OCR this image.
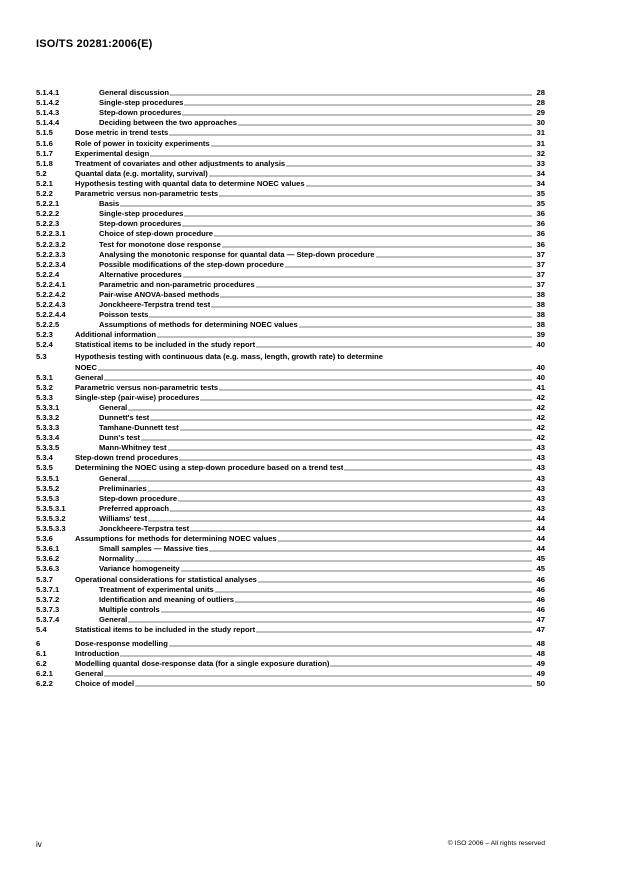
ISO/TS 20281:2006(E)
5.1.4.1	General discussion	28
5.1.4.2	Single-step procedures	28
5.1.4.3	Step-down procedures	29
5.1.4.4	Deciding between the two approaches	30
5.1.5	Dose metric in trend tests	31
5.1.6	Role of power in toxicity experiments	31
5.1.7	Experimental design	32
5.1.8	Treatment of covariates and other adjustments to analysis	33
5.2	Quantal data (e.g. mortality, survival)	34
5.2.1	Hypothesis testing with quantal data to determine NOEC values	34
5.2.2	Parametric versus non-parametric tests	35
5.2.2.1	Basis	35
5.2.2.2	Single-step procedures	36
5.2.2.3	Step-down procedures	36
5.2.2.3.1	Choice of step-down procedure	36
5.2.2.3.2	Test for monotone dose response	36
5.2.2.3.3	Analysing the monotonic response for quantal data — Step-down procedure	37
5.2.2.3.4	Possible modifications of the step-down procedure	37
5.2.2.4	Alternative procedures	37
5.2.2.4.1	Parametric and non-parametric procedures	37
5.2.2.4.2	Pair-wise ANOVA-based methods	38
5.2.2.4.3	Jonckheere-Terpstra trend test	38
5.2.2.4.4	Poisson tests	38
5.2.2.5	Assumptions of methods for determining NOEC values	38
5.2.3	Additional information	39
5.2.4	Statistical items to be included in the study report	40
5.3	Hypothesis testing with continuous data (e.g. mass, length, growth rate) to determine
NOEC	40
5.3.1	General	40
5.3.2	Parametric versus non-parametric tests	41
5.3.3	Single-step (pair-wise) procedures	42
5.3.3.1	General	42
5.3.3.2	Dunnett's test	42
5.3.3.3	Tamhane-Dunnett test	42
5.3.3.4	Dunn's test	42
5.3.3.5	Mann-Whitney test	43
5.3.4	Step-down trend procedures	43
5.3.5	Determining the NOEC using a step-down procedure based on a trend test	43
5.3.5.1	General	43
5.3.5.2	Preliminaries	43
5.3.5.3	Step-down procedure	43
5.3.5.3.1	Preferred approach	43
5.3.5.3.2	Williams' test	44
5.3.5.3.3	Jonckheere-Terpstra test	44
5.3.6	Assumptions for methods for determining NOEC values	44
5.3.6.1	Small samples — Massive ties	44
5.3.6.2	Normality	45
5.3.6.3	Variance homogeneity	45
5.3.7	Operational considerations for statistical analyses	46
5.3.7.1	Treatment of experimental units	46
5.3.7.2	Identification and meaning of outliers	46
5.3.7.3	Multiple controls	46
5.3.7.4	General	47
5.4	Statistical items to be included in the study report	47
6	Dose-response modelling	48
6.1	Introduction	48
6.2	Modelling quantal dose-response data (for a single exposure duration)	49
6.2.1	General	49
6.2.2	Choice of model	50
iv	© ISO 2006 – All rights reserved
